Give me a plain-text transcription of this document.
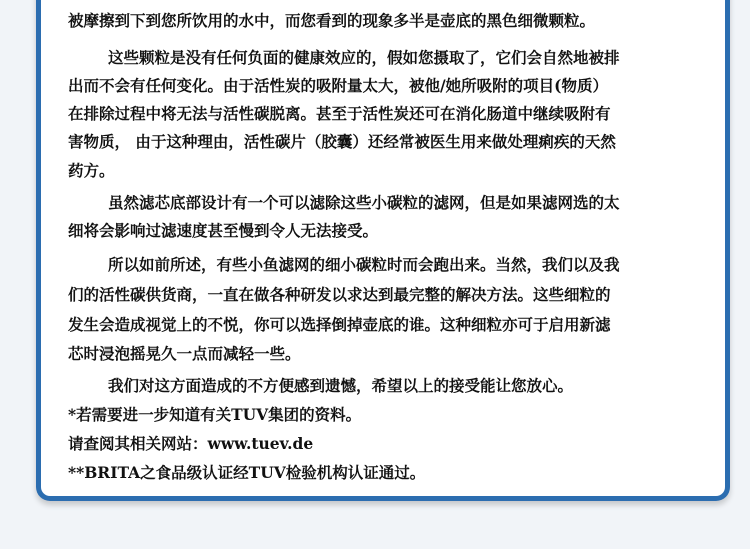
被摩擦到下到您所饮用的水中，而您看到的现象多半是壶底的黑色细微颗粒。
这些颗粒是没有任何负面的健康效应的，假如您摄取了，它们会自然地被排
出而不会有任何变化。由于活性炭的吸附量太大，被他/她所吸附的项目(物质）
在排除过程中将无法与活性碳脱离。甚至于活性炭还可在消化肠道中继续吸附有
害物质， 由于这种理由，活性碳片（胶囊）还经常被医生用来做处理痢疾的天然
药方。
虽然滤芯底部设计有一个可以滤除这些小碳粒的滤网，但是如果滤网选的太
细将会影响过滤速度甚至慢到令人无法接受。
所以如前所述，有些小鱼滤网的细小碳粒时而会跑出来。当然，我们以及我
们的活性碳供货商，一直在做各种研发以求达到最完整的解决方法。这些细粒的
发生会造成视觉上的不悦，你可以选择倒掉壶底的谁。这种细粒亦可于启用新滤
芯时浸泡摇晃久一点而减轻一些。
我们对这方面造成的不方便感到遗憾，希望以上的接受能让您放心。
*若需要进一步知道有关TUV集团的资料。
请查阅其相关网站：www.tuev.de
**BRITA之食品级认证经TUV检验机构认证通过。
